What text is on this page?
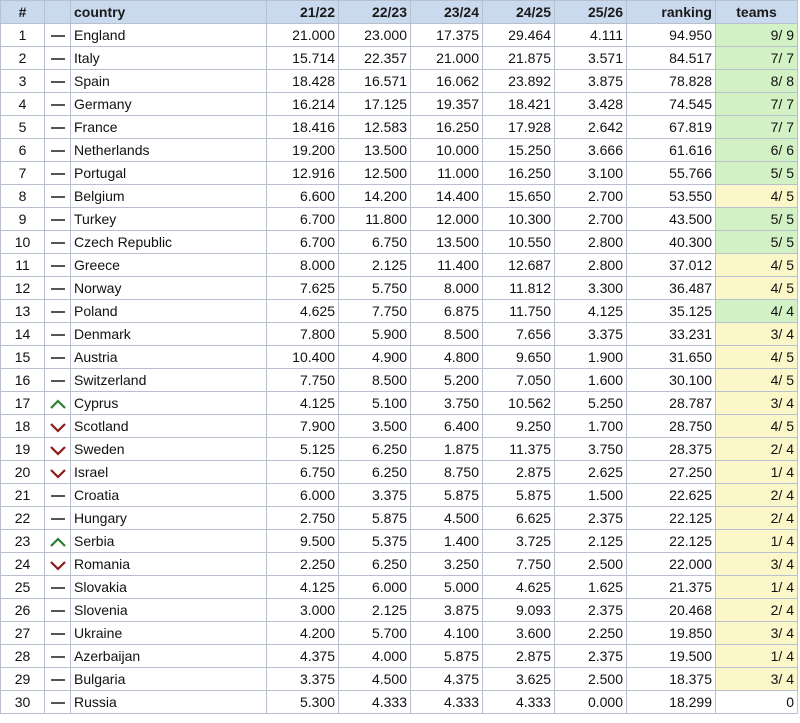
#		country	21/22	22/23	23/24	24/25	25/26	ranking	teams
1		England	21.000	23.000	17.375	29.464	4.111	94.950	9/ 9
2		Italy	15.714	22.357	21.000	21.875	3.571	84.517	7/ 7
3		Spain	18.428	16.571	16.062	23.892	3.875	78.828	8/ 8
4		Germany	16.214	17.125	19.357	18.421	3.428	74.545	7/ 7
5		France	18.416	12.583	16.250	17.928	2.642	67.819	7/ 7
6		Netherlands	19.200	13.500	10.000	15.250	3.666	61.616	6/ 6
7		Portugal	12.916	12.500	11.000	16.250	3.100	55.766	5/ 5
8		Belgium	6.600	14.200	14.400	15.650	2.700	53.550	4/ 5
9		Turkey	6.700	11.800	12.000	10.300	2.700	43.500	5/ 5
10		Czech Republic	6.700	6.750	13.500	10.550	2.800	40.300	5/ 5
11		Greece	8.000	2.125	11.400	12.687	2.800	37.012	4/ 5
12		Norway	7.625	5.750	8.000	11.812	3.300	36.487	4/ 5
13		Poland	4.625	7.750	6.875	11.750	4.125	35.125	4/ 4
14		Denmark	7.800	5.900	8.500	7.656	3.375	33.231	3/ 4
15		Austria	10.400	4.900	4.800	9.650	1.900	31.650	4/ 5
16		Switzerland	7.750	8.500	5.200	7.050	1.600	30.100	4/ 5
17		Cyprus	4.125	5.100	3.750	10.562	5.250	28.787	3/ 4
18		Scotland	7.900	3.500	6.400	9.250	1.700	28.750	4/ 5
19		Sweden	5.125	6.250	1.875	11.375	3.750	28.375	2/ 4
20		Israel	6.750	6.250	8.750	2.875	2.625	27.250	1/ 4
21		Croatia	6.000	3.375	5.875	5.875	1.500	22.625	2/ 4
22		Hungary	2.750	5.875	4.500	6.625	2.375	22.125	2/ 4
23		Serbia	9.500	5.375	1.400	3.725	2.125	22.125	1/ 4
24		Romania	2.250	6.250	3.250	7.750	2.500	22.000	3/ 4
25		Slovakia	4.125	6.000	5.000	4.625	1.625	21.375	1/ 4
26		Slovenia	3.000	2.125	3.875	9.093	2.375	20.468	2/ 4
27		Ukraine	4.200	5.700	4.100	3.600	2.250	19.850	3/ 4
28		Azerbaijan	4.375	4.000	5.875	2.875	2.375	19.500	1/ 4
29		Bulgaria	3.375	4.500	4.375	3.625	2.500	18.375	3/ 4
30		Russia	5.300	4.333	4.333	4.333	0.000	18.299	0
